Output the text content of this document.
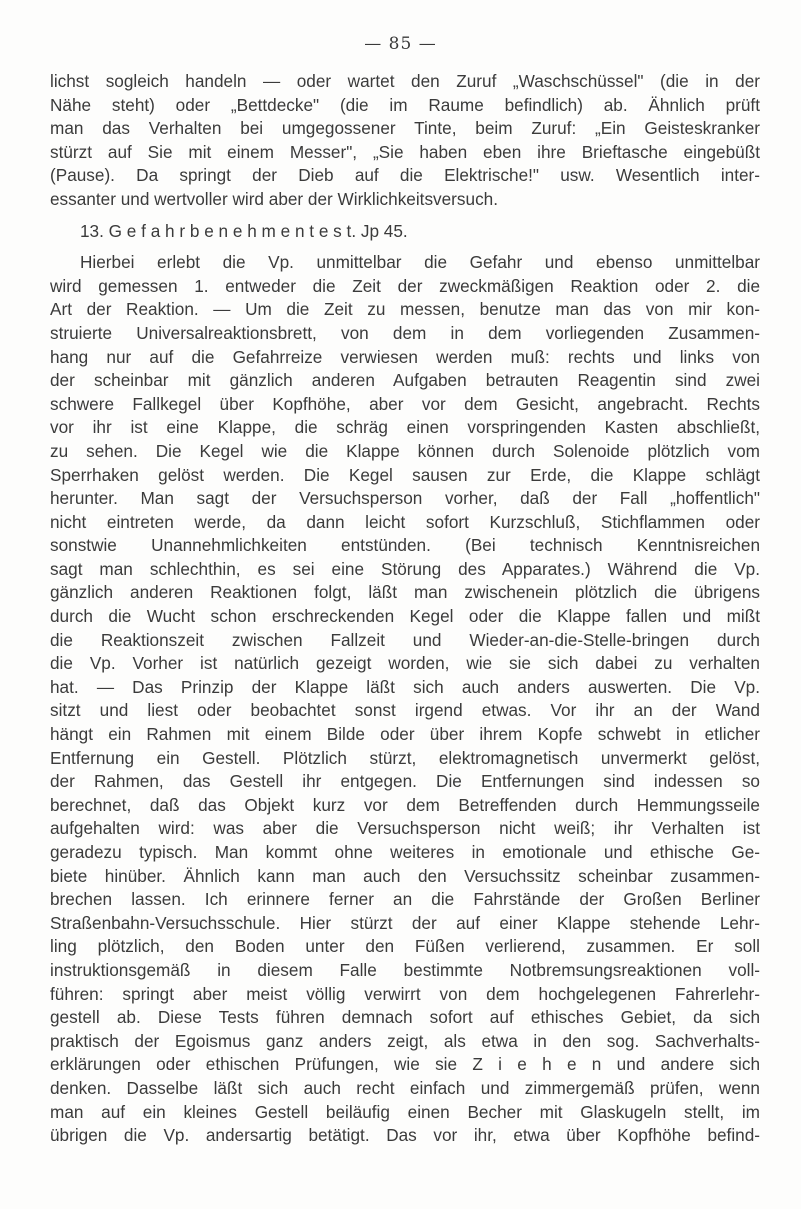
— 85 —
lichst sogleich handeln — oder wartet den Zuruf „Waschschüssel" (die in der
Nähe steht) oder „Bettdecke" (die im Raume befindlich) ab. Ähnlich prüft
man das Verhalten bei umgegossener Tinte, beim Zuruf: „Ein Geisteskranker
stürzt auf Sie mit einem Messer", „Sie haben eben ihre Brieftasche eingebüßt
(Pause). Da springt der Dieb auf die Elektrische!" usw. Wesentlich inter-
essanter und wertvoller wird aber der Wirklichkeitsversuch.
13. G e f a h r b e n e h m e n t e s t. Jp 45.
Hierbei erlebt die Vp. unmittelbar die Gefahr und ebenso unmittelbar
wird gemessen 1. entweder die Zeit der zweckmäßigen Reaktion oder 2. die
Art der Reaktion. — Um die Zeit zu messen, benutze man das von mir kon-
struierte Universalreaktionsbrett, von dem in dem vorliegenden Zusammen-
hang nur auf die Gefahrreize verwiesen werden muß: rechts und links von
der scheinbar mit gänzlich anderen Aufgaben betrauten Reagentin sind zwei
schwere Fallkegel über Kopfhöhe, aber vor dem Gesicht, angebracht. Rechts
vor ihr ist eine Klappe, die schräg einen vorspringenden Kasten abschließt,
zu sehen. Die Kegel wie die Klappe können durch Solenoide plötzlich vom
Sperrhaken gelöst werden. Die Kegel sausen zur Erde, die Klappe schlägt
herunter. Man sagt der Versuchsperson vorher, daß der Fall „hoffentlich"
nicht eintreten werde, da dann leicht sofort Kurzschluß, Stichflammen oder
sonstwie Unannehmlichkeiten entstünden. (Bei technisch Kenntnisreichen
sagt man schlechthin, es sei eine Störung des Apparates.) Während die Vp.
gänzlich anderen Reaktionen folgt, läßt man zwischenein plötzlich die übrigens
durch die Wucht schon erschreckenden Kegel oder die Klappe fallen und mißt
die Reaktionszeit zwischen Fallzeit und Wieder-an-die-Stelle-bringen durch
die Vp. Vorher ist natürlich gezeigt worden, wie sie sich dabei zu verhalten
hat. — Das Prinzip der Klappe läßt sich auch anders auswerten. Die Vp.
sitzt und liest oder beobachtet sonst irgend etwas. Vor ihr an der Wand
hängt ein Rahmen mit einem Bilde oder über ihrem Kopfe schwebt in etlicher
Entfernung ein Gestell. Plötzlich stürzt, elektromagnetisch unvermerkt gelöst,
der Rahmen, das Gestell ihr entgegen. Die Entfernungen sind indessen so
berechnet, daß das Objekt kurz vor dem Betreffenden durch Hemmungsseile
aufgehalten wird: was aber die Versuchsperson nicht weiß; ihr Verhalten ist
geradezu typisch. Man kommt ohne weiteres in emotionale und ethische Ge-
biete hinüber. Ähnlich kann man auch den Versuchssitz scheinbar zusammen-
brechen lassen. Ich erinnere ferner an die Fahrstände der Großen Berliner
Straßenbahn-Versuchsschule. Hier stürzt der auf einer Klappe stehende Lehr-
ling plötzlich, den Boden unter den Füßen verlierend, zusammen. Er soll
instruktionsgemäß in diesem Falle bestimmte Notbremsungsreaktionen voll-
führen: springt aber meist völlig verwirrt von dem hochgelegenen Fahrerlehr-
gestell ab. Diese Tests führen demnach sofort auf ethisches Gebiet, da sich
praktisch der Egoismus ganz anders zeigt, als etwa in den sog. Sachverhalts-
erklärungen oder ethischen Prüfungen, wie sie Z i e h e n und andere sich
denken. Dasselbe läßt sich auch recht einfach und zimmergemäß prüfen, wenn
man auf ein kleines Gestell beiläufig einen Becher mit Glaskugeln stellt, im
übrigen die Vp. andersartig betätigt. Das vor ihr, etwa über Kopfhöhe befind-
